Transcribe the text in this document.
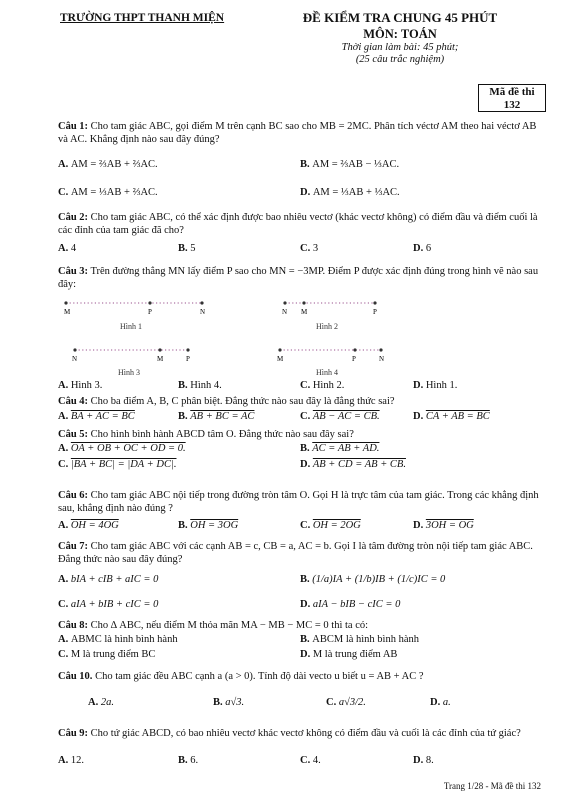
TRƯỜNG THPT THANH MIỆN	ĐỀ KIỂM TRA CHUNG 45 PHÚT
MÔN: TOÁN
Thời gian làm bài: 45 phút;
(25 câu trắc nghiệm)
Mã đề thi
132
Câu 1: Cho tam giác ABC, gọi điểm M trên cạnh BC sao cho MB = 2MC. Phân tích véctơ AM theo hai véctơ AB và AC. Khẳng định nào sau đây đúng?
A. AM = ⅔AB + ⅔AC.	B. AM = ⅔AB − ⅓AC.
C. AM = ⅓AB + ⅔AC.	D. AM = ⅓AB + ⅓AC.
Câu 2: Cho tam giác ABC, có thể xác định được bao nhiêu vectơ (khác vectơ không) có điểm đầu và điểm cuối là các đỉnh của tam giác đã cho?
A. 4	B. 5	C. 3	D. 6
Câu 3: Trên đường thẳng MN lấy điểm P sao cho MN = −3MP. Điểm P được xác định đúng trong hình vẽ nào sau đây:
M	P	N
Hình 1
N M	P
Hình 2
N	M	P
Hình 3
M	P	N
Hình 4
A. Hình 3.	B. Hình 4.	C. Hình 2.	D. Hình 1.
Câu 4: Cho ba điểm A, B, C phân biệt. Đẳng thức nào sau đây là đẳng thức sai?
A. BA + AC = BC	B. AB + BC = AC	C. AB − AC = CB.	D. CA + AB = BC
Câu 5: Cho hình bình hành ABCD tâm O. Đẳng thức nào sau đây sai?
A. OA + OB + OC + OD = 0.	B. AC = AB + AD.
C. |BA + BC| = |DA + DC|.	D. AB + CD = AB + CB.
Câu 6: Cho tam giác ABC nội tiếp trong đường tròn tâm O. Gọi H là trực tâm của tam giác. Trong các khẳng định sau, khẳng định nào đúng ?
A. OH = 4OG	B. OH = 3OG	C. OH = 2OG	D. 3OH = OG
Câu 7: Cho tam giác ABC với các cạnh AB = c, CB = a, AC = b. Gọi I là tâm đường tròn nội tiếp tam giác ABC. Đẳng thức nào sau đây đúng?
A. bIA + cIB + aIC = 0	B. (1/a)IA + (1/b)IB + (1/c)IC = 0
C. aIA + bIB + cIC = 0	D. aIA − bIB − cIC = 0
Câu 8: Cho ∆ ABC, nếu điểm M thỏa mãn MA − MB − MC = 0 thì ta có:
A. ABMC là hình bình hành	B. ABCM là hình bình hành
C. M là trung điểm BC	D. M là trung điểm AB
Câu 10. Cho tam giác đều ABC cạnh a (a > 0). Tính độ dài vecto u biết u = AB + AC ?
A. 2a.	B. a√3.	C. a√3/2.	D. a.
Câu 9: Cho tứ giác ABCD, có bao nhiêu vectơ khác vectơ không có điểm đầu và cuối là các đỉnh của tứ giác?
A. 12.	B. 6.	C. 4.	D. 8.
Trang 1/28 - Mã đề thi 132
